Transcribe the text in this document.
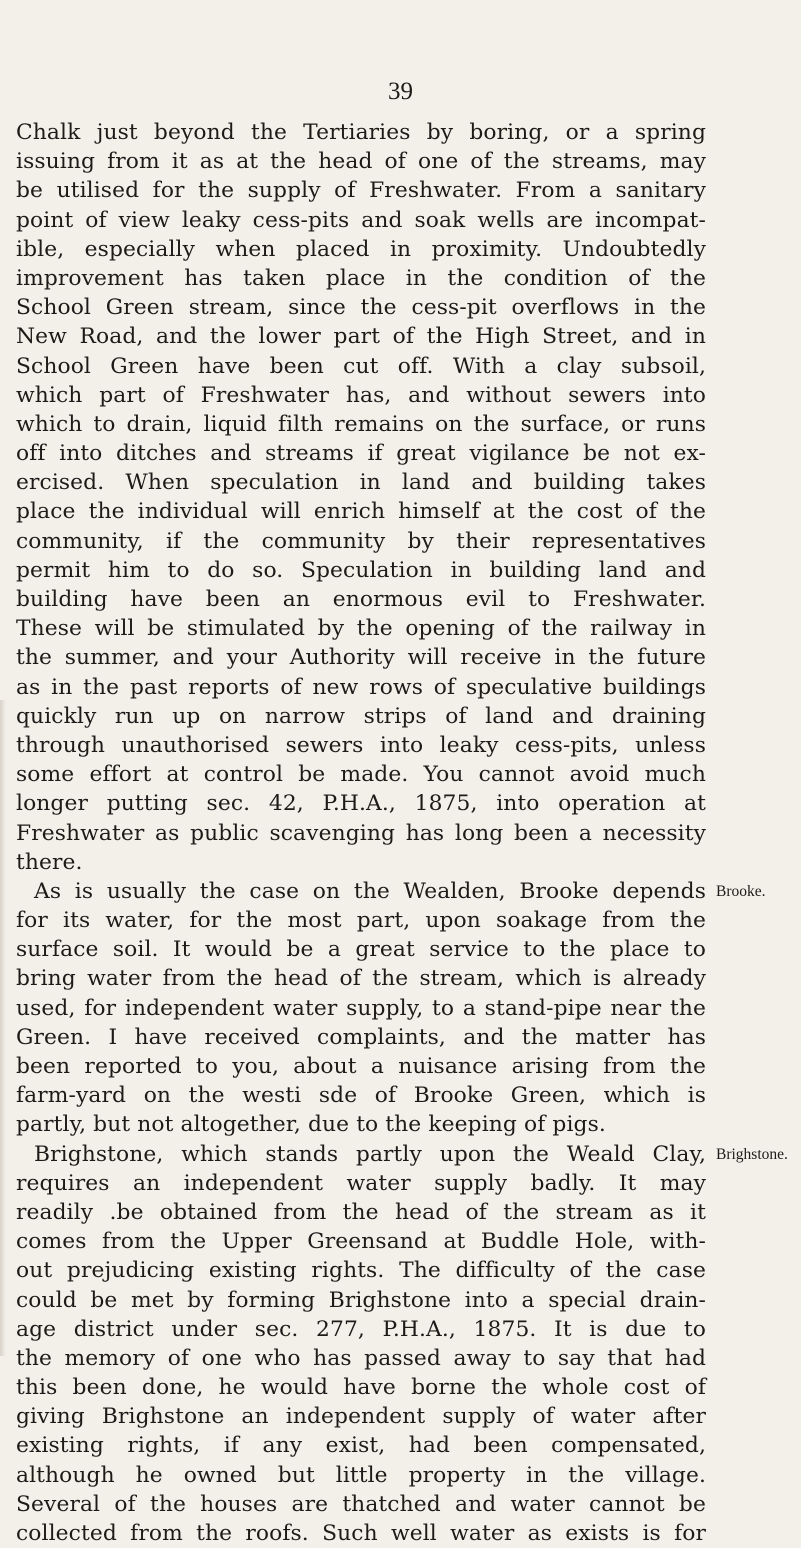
39
Chalk just beyond the Tertiaries by boring, or a spring
issuing from it as at the head of one of the streams, may
be utilised for the supply of Freshwater. From a sanitary
point of view leaky cess-pits and soak wells are incompat-
ible, especially when placed in proximity. Undoubtedly
improvement has taken place in the condition of the
School Green stream, since the cess-pit overflows in the
New Road, and the lower part of the High Street, and in
School Green have been cut off. With a clay subsoil,
which part of Freshwater has, and without sewers into
which to drain, liquid filth remains on the surface, or runs
off into ditches and streams if great vigilance be not ex-
ercised. When speculation in land and building takes
place the individual will enrich himself at the cost of the
community, if the community by their representatives
permit him to do so. Speculation in building land and
building have been an enormous evil to Freshwater.
These will be stimulated by the opening of the railway in
the summer, and your Authority will receive in the future
as in the past reports of new rows of speculative buildings
quickly run up on narrow strips of land and draining
through unauthorised sewers into leaky cess-pits, unless
some effort at control be made. You cannot avoid much
longer putting sec. 42, P.H.A., 1875, into operation at
Freshwater as public scavenging has long been a necessity
there.
As is usually the case on the Wealden, Brooke depends Brooke.
for its water, for the most part, upon soakage from the
surface soil. It would be a great service to the place to
bring water from the head of the stream, which is already
used, for independent water supply, to a stand-pipe near the
Green. I have received complaints, and the matter has
been reported to you, about a nuisance arising from the
farm-yard on the westi sde of Brooke Green, which is
partly, but not altogether, due to the keeping of pigs.
Brighstone, which stands partly upon the Weald Clay, Brighstone.
requires an independent water supply badly. It may
readily .be obtained from the head of the stream as it
comes from the Upper Greensand at Buddle Hole, with-
out prejudicing existing rights. The difficulty of the case
could be met by forming Brighstone into a special drain-
age district under sec. 277, P.H.A., 1875. It is due to
the memory of one who has passed away to say that had
this been done, he would have borne the whole cost of
giving Brighstone an independent supply of water after
existing rights, if any exist, had been compensated,
although he owned but little property in the village.
Several of the houses are thatched and water cannot be
collected from the roofs. Such well water as exists is for
